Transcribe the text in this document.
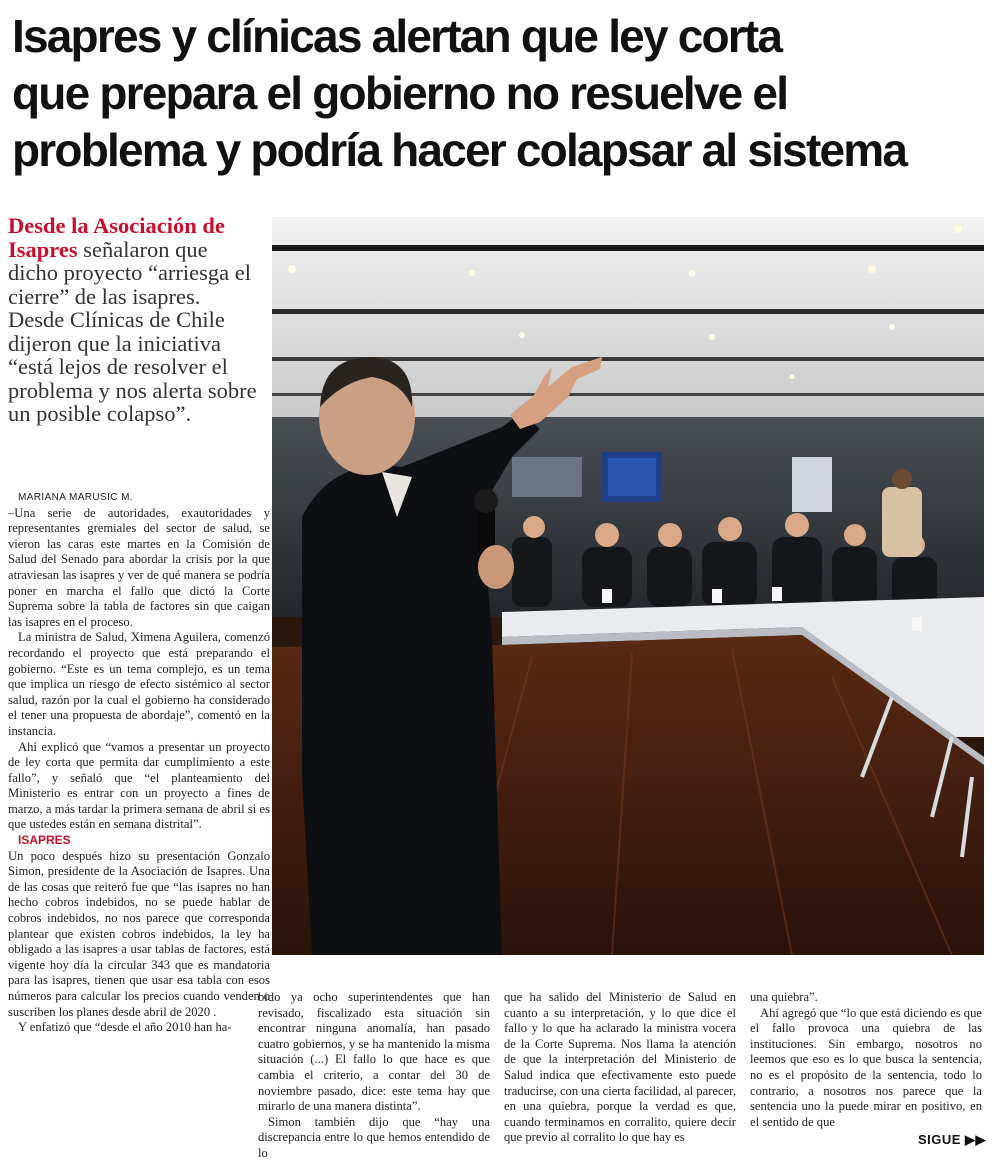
Isapres y clínicas alertan que ley corta
que prepara el gobierno no resuelve el
problema y podría hacer colapsar al sistema
Desde la Asociación de Isapres señalaron que dicho proyecto “arriesga el cierre” de las isapres. Desde Clínicas de Chile dijeron que la iniciativa “está lejos de resolver el problema y nos alerta sobre un posible colapso”.

MARIANA MARUSIC M.

–Una serie de autoridades, exautoridades y representantes gremiales del sector de salud, se vieron las caras este martes en la Comisión de Salud del Senado para abordar la crisis por la que atraviesan las isapres y ver de qué manera se podría poner en marcha el fallo que dictó la Corte Suprema sobre la tabla de factores sin que caigan las isapres en el proceso.

La ministra de Salud, Ximena Aguilera, comenzó recordando el proyecto que está preparando el gobierno. “Este es un tema complejo, es un tema que implica un riesgo de efecto sistémico al sector salud, razón por la cual el gobierno ha considerado el tener una propuesta de abordaje”, comentó en la instancia.

Ahí explicó que “vamos a presentar un proyecto de ley corta que permita dar cumplimiento a este fallo”, y señaló que “el planteamiento del Ministerio es entrar con un proyecto a fines de marzo, a más tardar la primera semana de abril si es que ustedes están en semana distrital”.

ISAPRES

Un poco después hizo su presentación Gonzalo Simon, presidente de la Asociación de Isapres. Una de las cosas que reiteró fue que “las isapres no han hecho cobros indebidos, no se puede hablar de cobros indebidos, no nos parece que corresponda plantear que existen cobros indebidos, la ley ha obligado a las isapres a usar tablas de factores, está vigente hoy día la circular 343 que es mandatoria para las isapres, tienen que usar esa tabla con esos números para calcular los precios cuando venden o suscriben los planes desde abril de 2020 .

Y enfatizó que “desde el año 2010 han ha-

bido ya ocho superintendentes que han revisado, fiscalizado esta situación sin encontrar ninguna anomalía, han pasado cuatro gobiernos, y se ha mantenido la misma situación (...) El fallo lo que hace es que cambia el criterio, a contar del 30 de noviembre pasado, dice: este tema hay que mirarlo de una manera distinta”.

Simon también dijo que “hay una discrepancia entre lo que hemos entendido de lo

que ha salido del Ministerio de Salud en cuanto a su interpretación, y lo que dice el fallo y lo que ha aclarado la ministra vocera de la Corte Suprema. Nos llama la atención de que la interpretación del Ministerio de Salud indica que efectivamente esto puede traducirse, con una cierta facilidad, al parecer, en una quiebra, porque la verdad es que, cuando terminamos en corralito, quiere decir que previo al corralito lo que hay es

una quiebra”.

Ahí agregó que “lo que está diciendo es que el fallo provoca una quiebra de las instituciones. Sin embargo, nosotros no leemos que eso es lo que busca la sentencia, no es el propósito de la sentencia, todo lo contrario, a nosotros nos parece que la sentencia uno la puede mirar en positivo, en el sentido de que

SIGUE ▶▶
